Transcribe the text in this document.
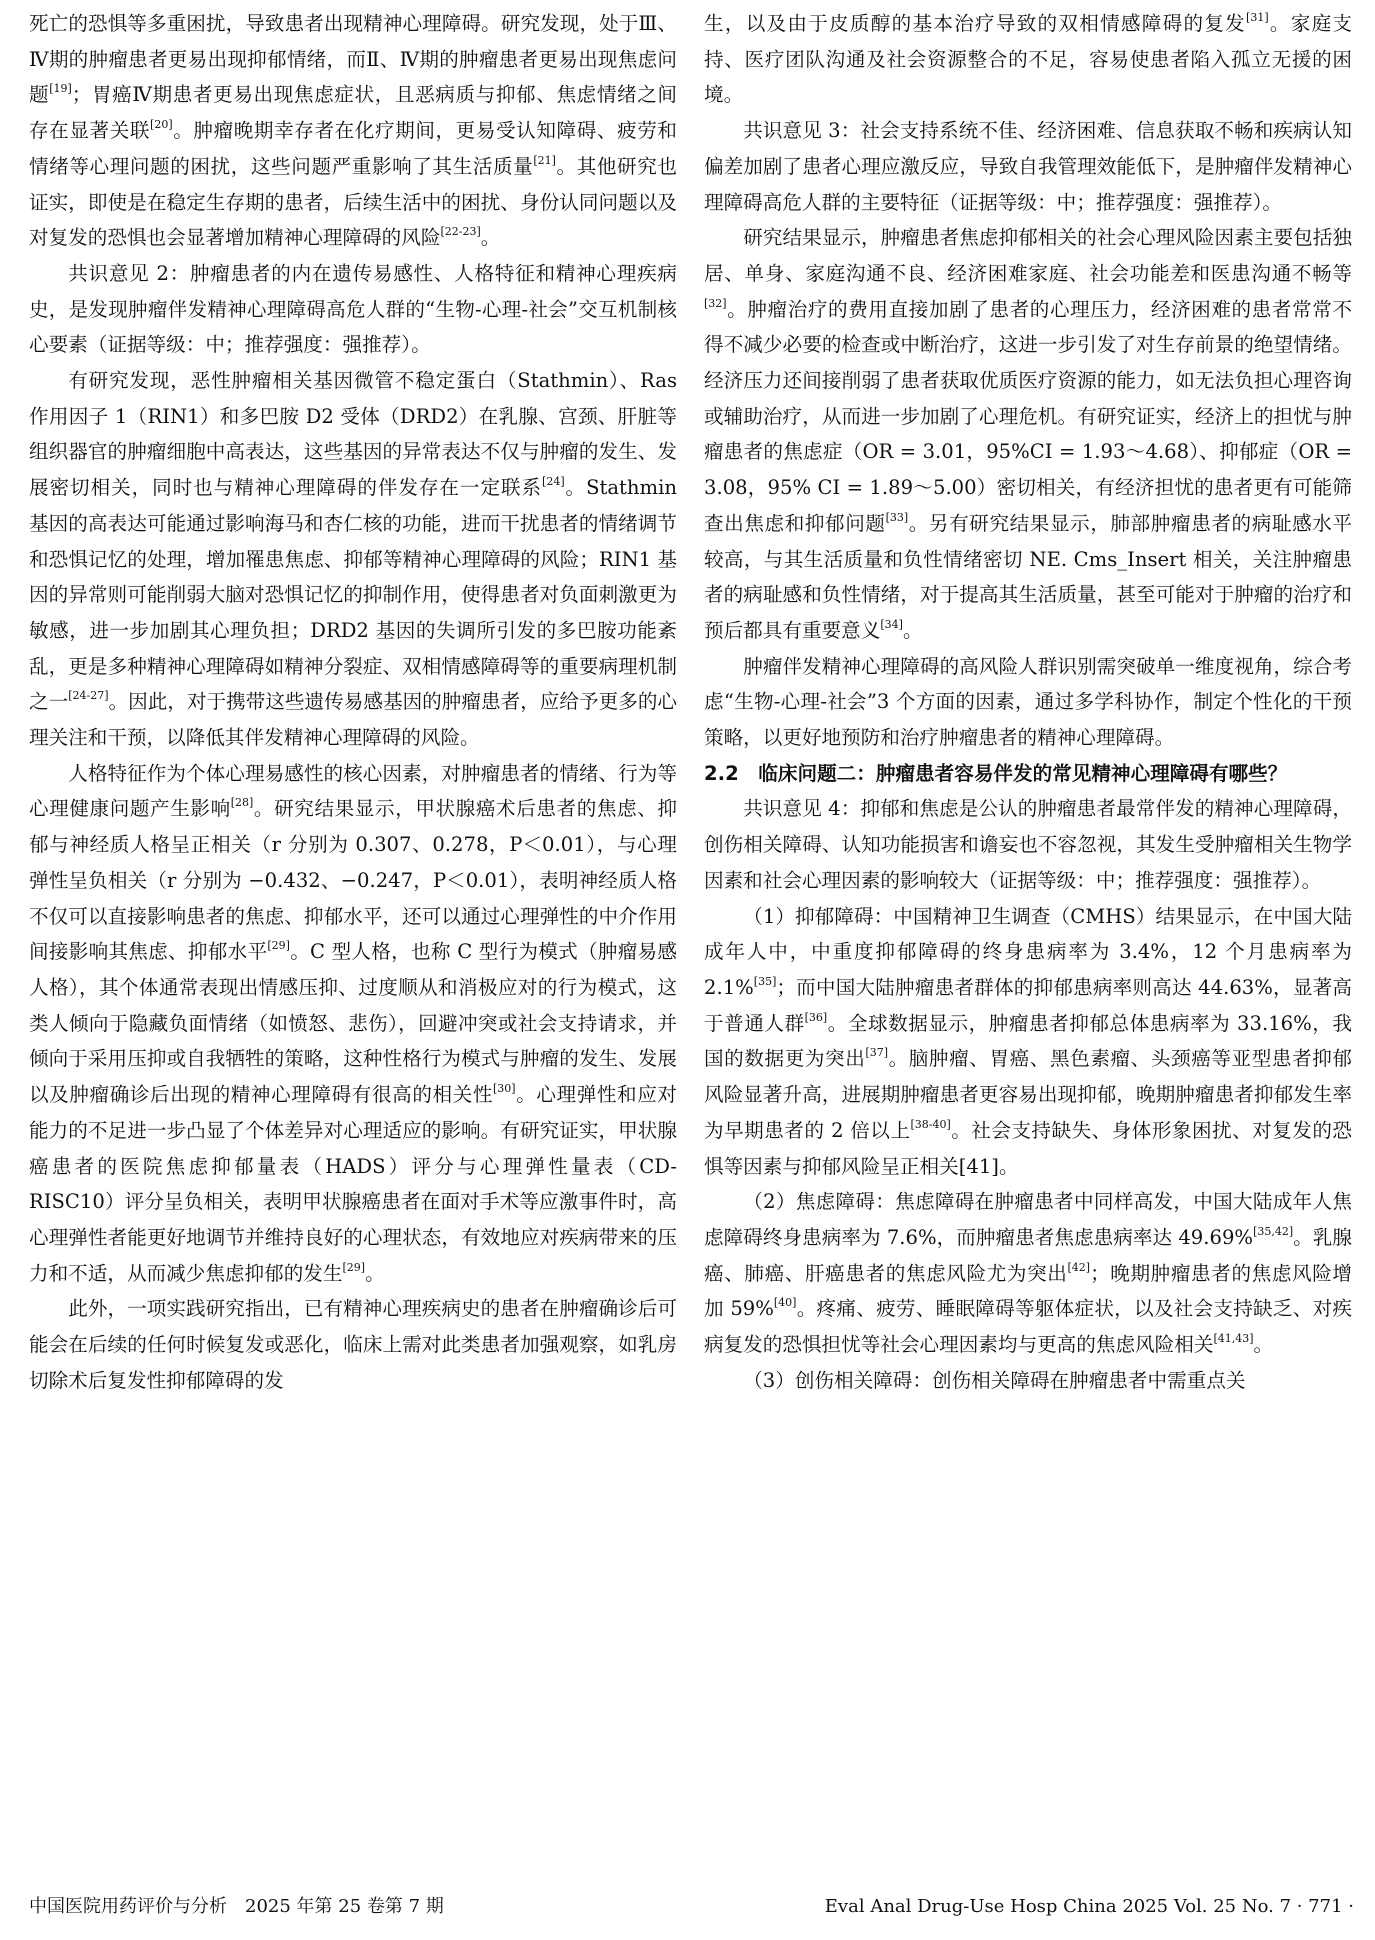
死亡的恐惧等多重困扰，导致患者出现精神心理障碍。研究发现，处于Ⅲ、Ⅳ期的肿瘤患者更易出现抑郁情绪，而Ⅱ、Ⅳ期的肿瘤患者更易出现焦虑问题[19]；胃癌Ⅳ期患者更易出现焦虑症状，且恶病质与抑郁、焦虑情绪之间存在显著关联[20]。肿瘤晚期幸存者在化疗期间，更易受认知障碍、疲劳和情绪等心理问题的困扰，这些问题严重影响了其生活质量[21]。其他研究也证实，即使是在稳定生存期的患者，后续生活中的困扰、身份认同问题以及对复发的恐惧也会显著增加精神心理障碍的风险[22-23]。

共识意见 2：肿瘤患者的内在遗传易感性、人格特征和精神心理疾病史，是发现肿瘤伴发精神心理障碍高危人群的“生物-心理-社会”交互机制核心要素（证据等级：中；推荐强度：强推荐）。

有研究发现，恶性肿瘤相关基因微管不稳定蛋白（Stathmin）、Ras 作用因子 1（RIN1）和多巴胺 D2 受体（DRD2）在乳腺、宫颈、肝脏等组织器官的肿瘤细胞中高表达，这些基因的异常表达不仅与肿瘤的发生、发展密切相关，同时也与精神心理障碍的伴发存在一定联系[24]。Stathmin 基因的高表达可能通过影响海马和杏仁核的功能，进而干扰患者的情绪调节和恐惧记忆的处理，增加罹患焦虑、抑郁等精神心理障碍的风险；RIN1 基因的异常则可能削弱大脑对恐惧记忆的抑制作用，使得患者对负面刺激更为敏感，进一步加剧其心理负担；DRD2 基因的失调所引发的多巴胺功能紊乱，更是多种精神心理障碍如精神分裂症、双相情感障碍等的重要病理机制之一[24-27]。因此，对于携带这些遗传易感基因的肿瘤患者，应给予更多的心理关注和干预，以降低其伴发精神心理障碍的风险。

人格特征作为个体心理易感性的核心因素，对肿瘤患者的情绪、行为等心理健康问题产生影响[28]。研究结果显示，甲状腺癌术后患者的焦虑、抑郁与神经质人格呈正相关（r 分别为 0.307、0.278，P＜0.01），与心理弹性呈负相关（r 分别为 −0.432、−0.247，P＜0.01），表明神经质人格不仅可以直接影响患者的焦虑、抑郁水平，还可以通过心理弹性的中介作用间接影响其焦虑、抑郁水平[29]。C 型人格，也称 C 型行为模式（肿瘤易感人格），其个体通常表现出情感压抑、过度顺从和消极应对的行为模式，这类人倾向于隐藏负面情绪（如愤怒、悲伤），回避冲突或社会支持请求，并倾向于采用压抑或自我牺牲的策略，这种性格行为模式与肿瘤的发生、发展以及肿瘤确诊后出现的精神心理障碍有很高的相关性[30]。心理弹性和应对能力的不足进一步凸显了个体差异对心理适应的影响。有研究证实，甲状腺癌患者的医院焦虑抑郁量表（HADS）评分与心理弹性量表（CD-RISC10）评分呈负相关，表明甲状腺癌患者在面对手术等应激事件时，高心理弹性者能更好地调节并维持良好的心理状态，有效地应对疾病带来的压力和不适，从而减少焦虑抑郁的发生[29]。

此外，一项实践研究指出，已有精神心理疾病史的患者在肿瘤确诊后可能会在后续的任何时候复发或恶化，临床上需对此类患者加强观察，如乳房切除术后复发性抑郁障碍的发

生，以及由于皮质醇的基本治疗导致的双相情感障碍的复发[31]。家庭支持、医疗团队沟通及社会资源整合的不足，容易使患者陷入孤立无援的困境。

共识意见 3：社会支持系统不佳、经济困难、信息获取不畅和疾病认知偏差加剧了患者心理应激反应，导致自我管理效能低下，是肿瘤伴发精神心理障碍高危人群的主要特征（证据等级：中；推荐强度：强推荐）。

研究结果显示，肿瘤患者焦虑抑郁相关的社会心理风险因素主要包括独居、单身、家庭沟通不良、经济困难家庭、社会功能差和医患沟通不畅等[32]。肿瘤治疗的费用直接加剧了患者的心理压力，经济困难的患者常常不得不减少必要的检查或中断治疗，这进一步引发了对生存前景的绝望情绪。经济压力还间接削弱了患者获取优质医疗资源的能力，如无法负担心理咨询或辅助治疗，从而进一步加剧了心理危机。有研究证实，经济上的担忧与肿瘤患者的焦虑症（OR = 3.01，95%CI = 1.93～4.68）、抑郁症（OR = 3.08，95% CI = 1.89～5.00）密切相关，有经济担忧的患者更有可能筛查出焦虑和抑郁问题[33]。另有研究结果显示，肺部肿瘤患者的病耻感水平较高，与其生活质量和负性情绪密切 NE. Cms_Insert 相关，关注肿瘤患者的病耻感和负性情绪，对于提高其生活质量，甚至可能对于肿瘤的治疗和预后都具有重要意义[34]。

肿瘤伴发精神心理障碍的高风险人群识别需突破单一维度视角，综合考虑“生物-心理-社会”3 个方面的因素，通过多学科协作，制定个性化的干预策略，以更好地预防和治疗肿瘤患者的精神心理障碍。

2.2　临床问题二：肿瘤患者容易伴发的常见精神心理障碍有哪些？

共识意见 4：抑郁和焦虑是公认的肿瘤患者最常伴发的精神心理障碍，创伤相关障碍、认知功能损害和谵妄也不容忽视，其发生受肿瘤相关生物学因素和社会心理因素的影响较大（证据等级：中；推荐强度：强推荐）。

（1）抑郁障碍：中国精神卫生调查（CMHS）结果显示，在中国大陆成年人中，中重度抑郁障碍的终身患病率为 3.4%，12 个月患病率为 2.1%[35]；而中国大陆肿瘤患者群体的抑郁患病率则高达 44.63%，显著高于普通人群[36]。全球数据显示，肿瘤患者抑郁总体患病率为 33.16%，我国的数据更为突出[37]。脑肿瘤、胃癌、黑色素瘤、头颈癌等亚型患者抑郁风险显著升高，进展期肿瘤患者更容易出现抑郁，晚期肿瘤患者抑郁发生率为早期患者的 2 倍以上[38-40]。社会支持缺失、身体形象困扰、对复发的恐惧等因素与抑郁风险呈正相关[41]。

（2）焦虑障碍：焦虑障碍在肿瘤患者中同样高发，中国大陆成年人焦虑障碍终身患病率为 7.6%，而肿瘤患者焦虑患病率达 49.69%[35,42]。乳腺癌、肺癌、肝癌患者的焦虑风险尤为突出[42]；晚期肿瘤患者的焦虑风险增加 59%[40]。疼痛、疲劳、睡眠障碍等躯体症状，以及社会支持缺乏、对疾病复发的恐惧担忧等社会心理因素均与更高的焦虑风险相关[41,43]。

（3）创伤相关障碍：创伤相关障碍在肿瘤患者中需重点关

中国医院用药评价与分析　2025 年第 25 卷第 7 期	Eval Anal Drug-Use Hosp China 2025 Vol. 25 No. 7 · 771 ·
